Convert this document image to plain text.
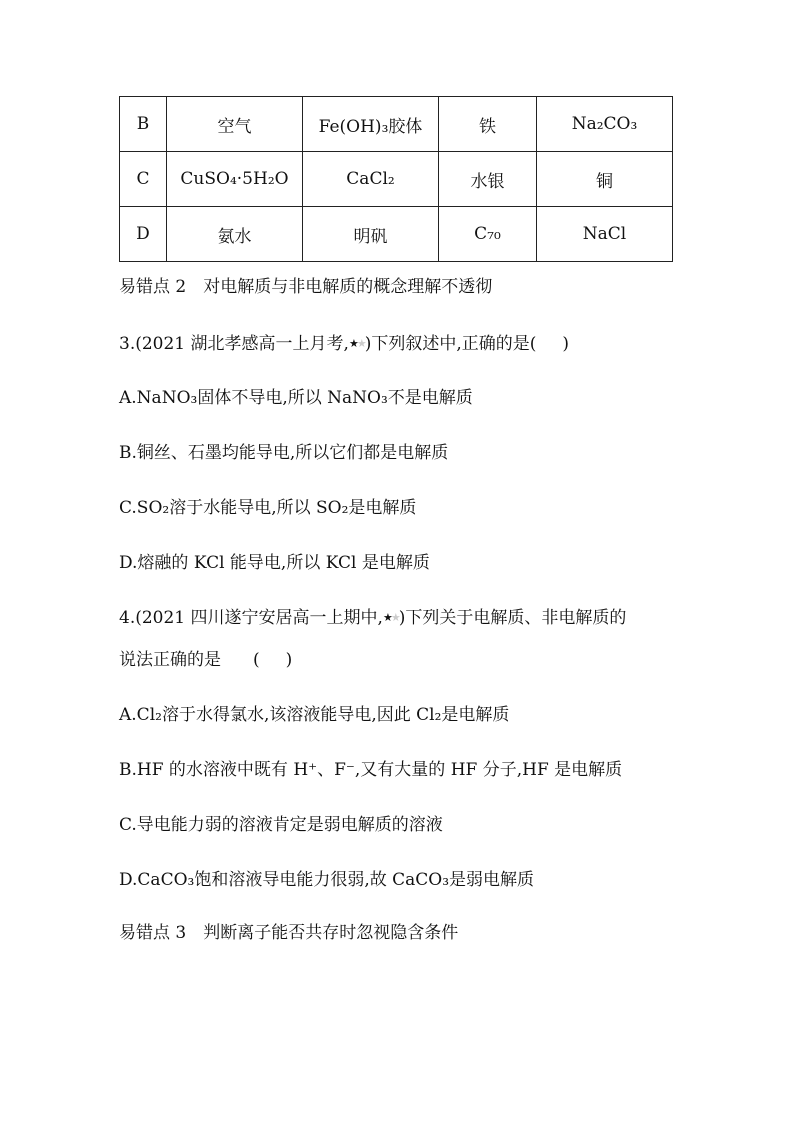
B	空气	Fe(OH)₃胶体	铁	Na₂CO₃
C	CuSO₄·5H₂O	CaCl₂	水银	铜
D	氨水	明矾	C₇₀	NaCl
易错点 2　对电解质与非电解质的概念理解不透彻
3.(2021 湖北孝感高一上月考,★★)下列叙述中,正确的是( )
A.NaNO₃固体不导电,所以 NaNO₃不是电解质
B.铜丝、石墨均能导电,所以它们都是电解质
C.SO₂溶于水能导电,所以 SO₂是电解质
D.熔融的 KCl 能导电,所以 KCl 是电解质
4.(2021 四川遂宁安居高一上期中,★★)下列关于电解质、非电解质的
说法正确的是 ( )
A.Cl₂溶于水得氯水,该溶液能导电,因此 Cl₂是电解质
B.HF 的水溶液中既有 H⁺、F⁻,又有大量的 HF 分子,HF 是电解质
C.导电能力弱的溶液肯定是弱电解质的溶液
D.CaCO₃饱和溶液导电能力很弱,故 CaCO₃是弱电解质
易错点 3　判断离子能否共存时忽视隐含条件
